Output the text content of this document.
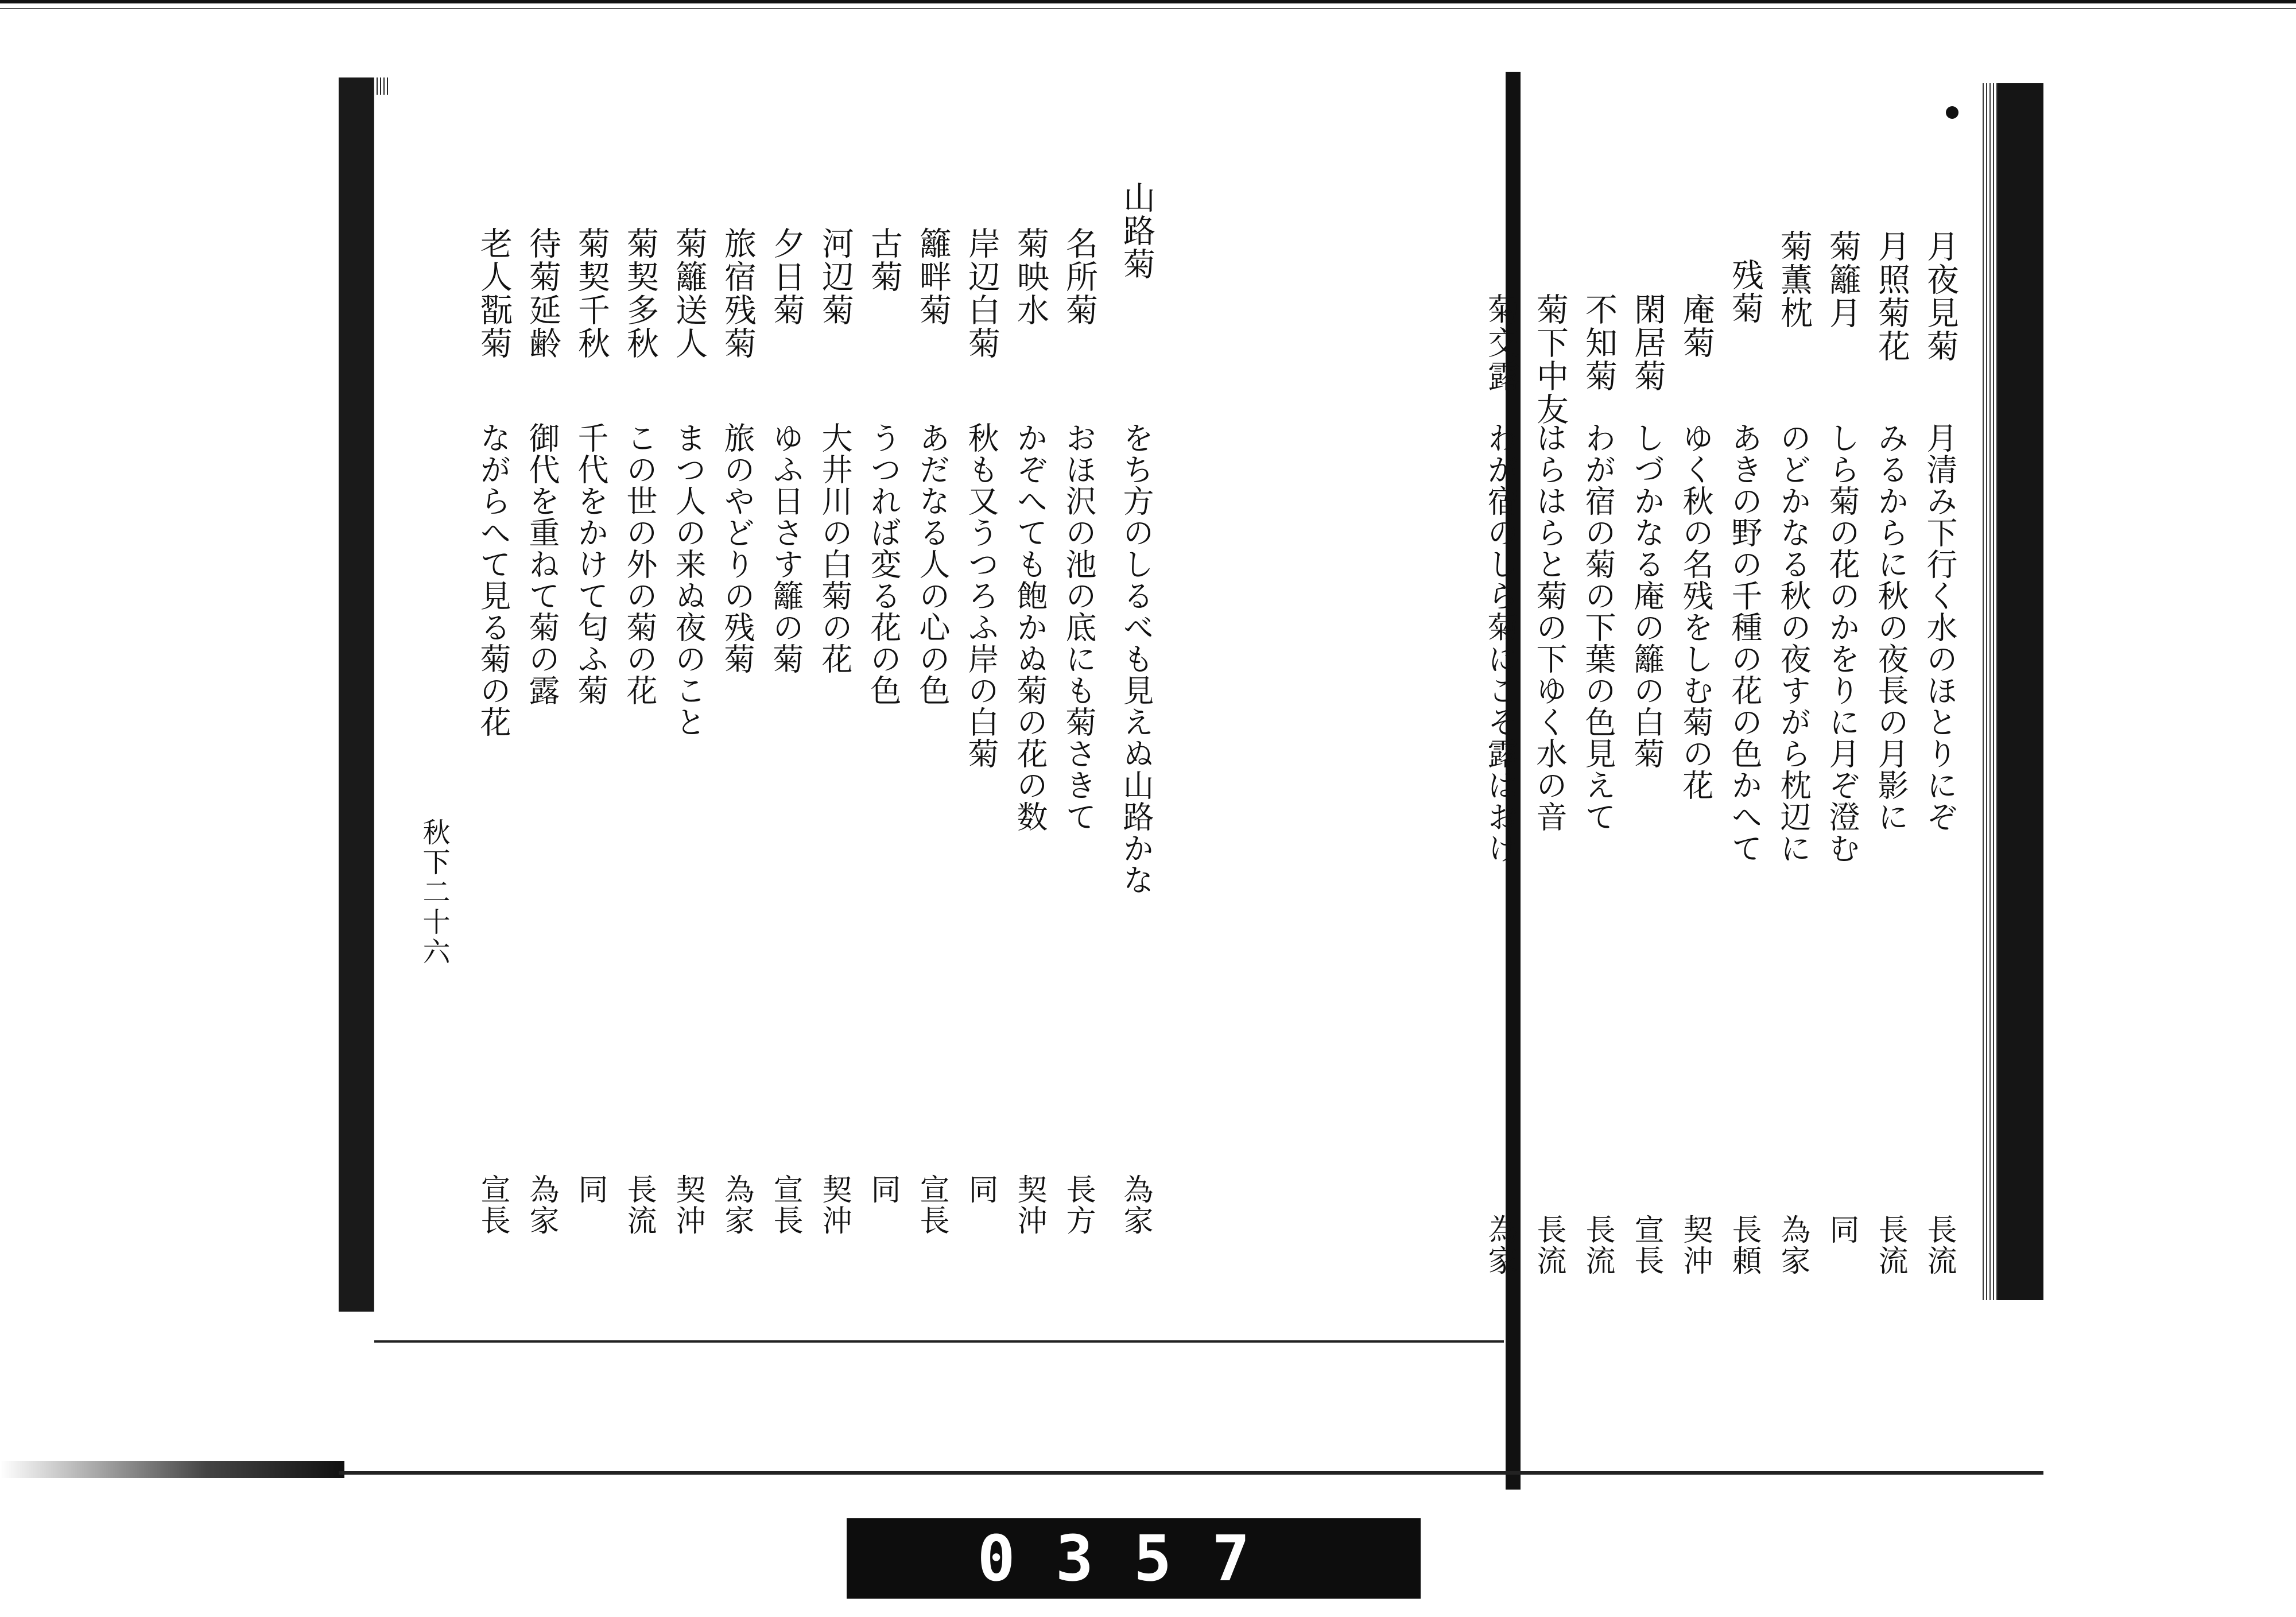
山路菊
をち方のしるべも見えぬ山路かな
為家
名所菊
おほ沢の池の底にも菊さきて
長方
菊映水
かぞへても飽かぬ菊の花の数
契沖
岸辺白菊
秋も又うつろふ岸の白菊
同
籬畔菊
あだなる人の心の色
宣長
古菊
うつれば変る花の色
同
河辺菊
大井川の白菊の花
契沖
夕日菊
ゆふ日さす籬の菊
宣長
旅宿残菊
旅のやどりの残菊
為家
菊籬送人
まつ人の来ぬ夜のこと
契沖
菊契多秋
この世の外の菊の花
長流
菊契千秋
千代をかけて匂ふ菊
同
待菊延齢
御代を重ねて菊の露
為家
老人翫菊
ながらへて見る菊の花
宣長
秋下二十六
月夜見菊
月清み下行く水のほとりにぞ
長流
月照菊花
みるからに秋の夜長の月影に
長流
菊籬月
しら菊の花のかをりに月ぞ澄む
同
菊薫枕
のどかなる秋の夜すがら枕辺に
為家
残菊
あきの野の千種の花の色かへて
長頼
庵菊
ゆく秋の名残をしむ菊の花
契沖
閑居菊
しづかなる庵の籬の白菊
宣長
不知菊
わが宿の菊の下葉の色見えて
長流
菊下中友
はらはらと菊の下ゆく水の音
長流
菊交露
わが宿のしら菊にこそ露はおけ
為家
0357
